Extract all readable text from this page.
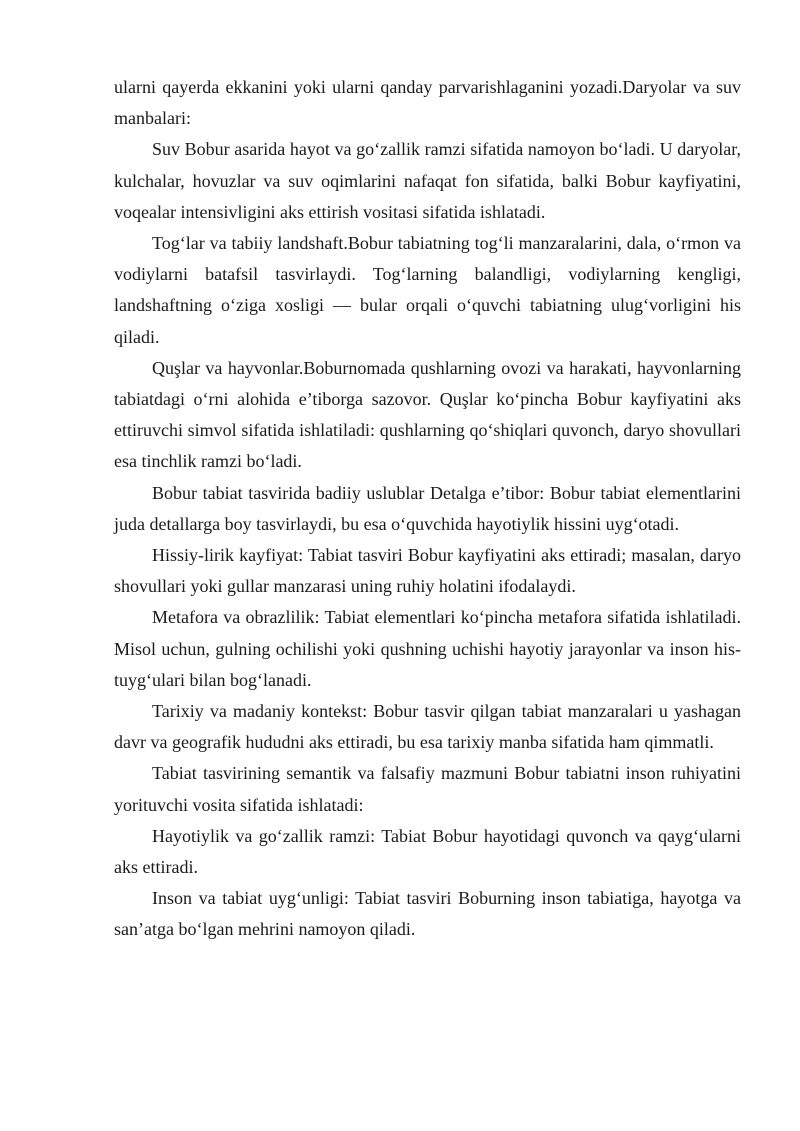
ularni qayerda ekkanini yoki ularni qanday parvarishlaganini yozadi.Daryolar va suv manbalari:

Suv Bobur asarida hayot va go‘zallik ramzi sifatida namoyon bo‘ladi. U daryolar, kulchalar, hovuzlar va suv oqimlarini nafaqat fon sifatida, balki Bobur kayfiyatini, voqealar intensivligini aks ettirish vositasi sifatida ishlatadi.

Tog‘lar va tabiiy landshaft.Bobur tabiatning tog‘li manzaralarini, dala, o‘rmon va vodiylarni batafsil tasvirlaydi. Tog‘larning balandligi, vodiylarning kengligi, landshaftning o‘ziga xosligi — bular orqali o‘quvchi tabiatning ulug‘vorligini his qiladi.

Quşlar va hayvonlar.Boburnomada qushlarning ovozi va harakati, hayvonlarning tabiatdagi o‘rni alohida e’tiborga sazovor. Quşlar ko‘pincha Bobur kayfiyatini aks ettiruvchi simvol sifatida ishlatiladi: qushlarning qo‘shiqlari quvonch, daryo shovullari esa tinchlik ramzi bo‘ladi.

Bobur tabiat tasvirida badiiy uslublar Detalga e’tibor: Bobur tabiat elementlarini juda detallarga boy tasvirlaydi, bu esa o‘quvchida hayotiylik hissini uyg‘otadi.

Hissiy-lirik kayfiyat: Tabiat tasviri Bobur kayfiyatini aks ettiradi; masalan, daryo shovullari yoki gullar manzarasi uning ruhiy holatini ifodalaydi.

Metafora va obrazlilik: Tabiat elementlari ko‘pincha metafora sifatida ishlatiladi. Misol uchun, gulning ochilishi yoki qushning uchishi hayotiy jarayonlar va inson his-tuyg‘ulari bilan bog‘lanadi.

Tarixiy va madaniy kontekst: Bobur tasvir qilgan tabiat manzaralari u yashagan davr va geografik hududni aks ettiradi, bu esa tarixiy manba sifatida ham qimmatli.

Tabiat tasvirining semantik va falsafiy mazmuni Bobur tabiatni inson ruhiyatini yorituvchi vosita sifatida ishlatadi:

Hayotiylik va go‘zallik ramzi: Tabiat Bobur hayotidagi quvonch va qayg‘ularni aks ettiradi.

Inson va tabiat uyg‘unligi: Tabiat tasviri Boburning inson tabiatiga, hayotga va san’atga bo‘lgan mehrini namoyon qiladi.
